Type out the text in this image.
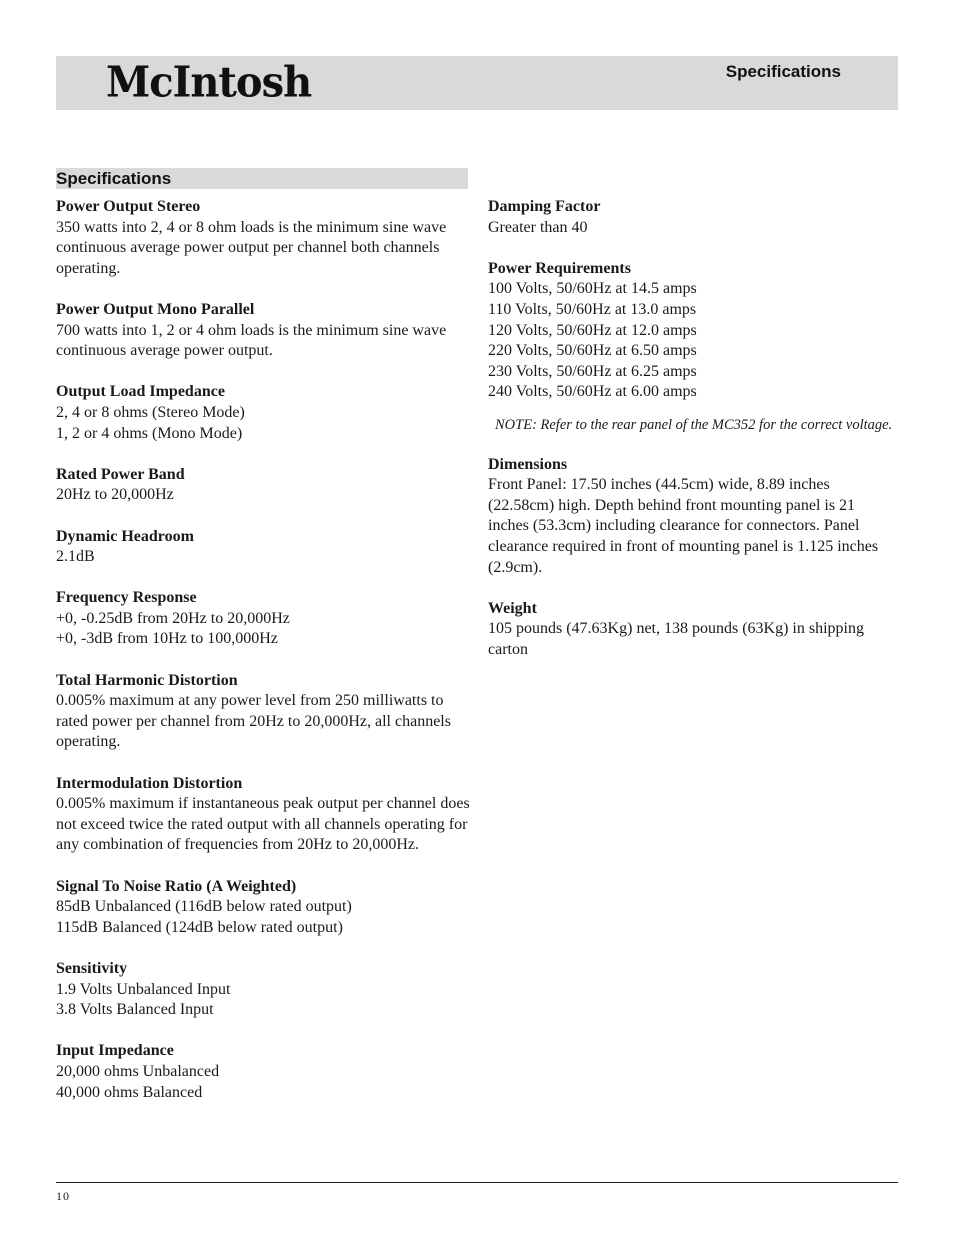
McIntosh	Specifications
Specifications
Power Output Stereo
350 watts into 2, 4 or 8 ohm loads is the minimum sine wave continuous average power output per channel both channels operating.
Power Output Mono Parallel
700 watts into 1, 2 or 4 ohm loads is the minimum sine wave continuous average power output.
Output Load Impedance
2, 4 or 8 ohms (Stereo Mode)
1, 2 or 4 ohms (Mono Mode)
Rated Power Band
20Hz to 20,000Hz
Dynamic Headroom
2.1dB
Frequency Response
+0, -0.25dB from 20Hz to 20,000Hz
+0, -3dB from 10Hz to 100,000Hz
Total Harmonic Distortion
0.005% maximum at any power level from 250 milliwatts to rated power per channel from 20Hz to 20,000Hz, all channels operating.
Intermodulation Distortion
0.005% maximum if instantaneous peak output per channel does not exceed twice the rated output with all channels operating for any combination of frequencies from 20Hz to 20,000Hz.
Signal To Noise Ratio (A Weighted)
85dB Unbalanced (116dB below rated output)
115dB Balanced (124dB below rated output)
Sensitivity
1.9 Volts Unbalanced Input
3.8 Volts Balanced Input
Input Impedance
20,000 ohms Unbalanced
40,000 ohms Balanced
Damping Factor
Greater than 40
Power Requirements
100 Volts, 50/60Hz at 14.5 amps
110 Volts, 50/60Hz at 13.0 amps
120 Volts, 50/60Hz at 12.0 amps
220 Volts, 50/60Hz at 6.50 amps
230 Volts, 50/60Hz at 6.25 amps
240 Volts, 50/60Hz at 6.00 amps
NOTE: Refer to the rear panel of the MC352 for the correct voltage.
Dimensions
Front Panel: 17.50 inches (44.5cm) wide, 8.89 inches (22.58cm) high. Depth behind front mounting panel is 21 inches (53.3cm) including clearance for connectors. Panel clearance required in front of mounting panel is 1.125 inches (2.9cm).
Weight
105 pounds (47.63Kg) net, 138 pounds (63Kg) in shipping carton
10
